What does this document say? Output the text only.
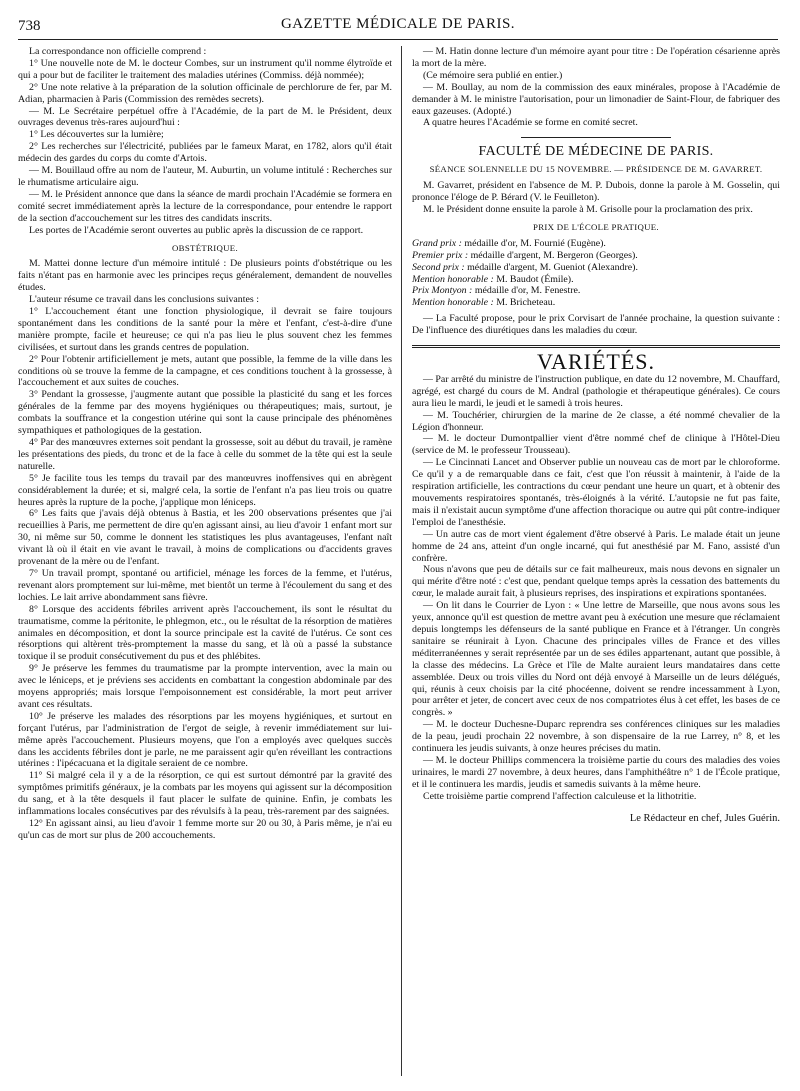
738	GAZETTE MÉDICALE DE PARIS.

La correspondance non officielle comprend :

1° Une nouvelle note de M. le docteur Combes, sur un instrument qu'il nomme élytroïde et qui a pour but de faciliter le traitement des maladies utérines (Commiss. déjà nommée);

2° Une note relative à la préparation de la solution officinale de perchlorure de fer, par M. Adian, pharmacien à Paris (Commission des remèdes secrets).

— M. Le Secrétaire perpétuel offre à l'Académie, de la part de M. le Président, deux ouvrages devenus très-rares aujourd'hui :

1° Les découvertes sur la lumière;

2° Les recherches sur l'électricité, publiées par le fameux Marat, en 1782, alors qu'il était médecin des gardes du corps du comte d'Artois.

— M. Bouillaud offre au nom de l'auteur, M. Auburtin, un volume intitulé : Recherches sur le rhumatisme articulaire aigu.

— M. le Président annonce que dans la séance de mardi prochain l'Académie se formera en comité secret immédiatement après la lecture de la correspondance, pour entendre le rapport de la section d'accouchement sur les titres des candidats inscrits.

Les portes de l'Académie seront ouvertes au public après la discussion de ce rapport.

OBSTÉTRIQUE.

M. Mattei donne lecture d'un mémoire intitulé : De plusieurs points d'obstétrique ou les faits n'étant pas en harmonie avec les principes reçus généralement, demandent de nouvelles études.

L'auteur résume ce travail dans les conclusions suivantes :

1° L'accouchement étant une fonction physiologique, il devrait se faire toujours spontanément dans les conditions de la santé pour la mère et l'enfant, c'est-à-dire d'une manière prompte, facile et heureuse; ce qui n'a pas lieu le plus souvent chez les femmes civilisées, et surtout dans les grands centres de population.

2° Pour l'obtenir artificiellement je mets, autant que possible, la femme de la ville dans les conditions où se trouve la femme de la campagne, et ces conditions touchent à la grossesse, à l'accouchement et aux suites de couches.

3° Pendant la grossesse, j'augmente autant que possible la plasticité du sang et les forces générales de la femme par des moyens hygiéniques ou thérapeutiques; mais, surtout, je combats la souffrance et la congestion utérine qui sont la cause principale des phénomènes sympathiques et pathologiques de la gestation.

4° Par des manœuvres externes soit pendant la grossesse, soit au début du travail, je ramène les présentations des pieds, du tronc et de la face à celle du sommet de la tête qui est la seule naturelle.

5° Je facilite tous les temps du travail par des manœuvres inoffensives qui en abrègent considérablement la durée; et si, malgré cela, la sortie de l'enfant n'a pas lieu trois ou quatre heures après la rupture de la poche, j'applique mon léniceps.

6° Les faits que j'avais déjà obtenus à Bastia, et les 200 observations présentes que j'ai recueillies à Paris, me permettent de dire qu'en agissant ainsi, au lieu d'avoir 1 enfant mort sur 30, ni même sur 50, comme le donnent les statistiques les plus avantageuses, l'enfant naît vivant là où il était en vie avant le travail, à moins de complications ou d'accidents graves provenant de la mère ou de l'enfant.

7° Un travail prompt, spontané ou artificiel, ménage les forces de la femme, et l'utérus, revenant alors promptement sur lui-même, met bientôt un terme à l'écoulement du sang et des lochies. Le lait arrive abondamment sans fièvre.

8° Lorsque des accidents fébriles arrivent après l'accouchement, ils sont le résultat du traumatisme, comme la péritonite, le phlegmon, etc., ou le résultat de la résorption de matières animales en décomposition, et dont la source principale est la cavité de l'utérus. Ce sont ces résorptions qui altèrent très-promptement la masse du sang, et là où a passé la substance toxique il se produit consécutivement du pus et des phlébites.

9° Je préserve les femmes du traumatisme par la prompte intervention, avec la main ou avec le léniceps, et je préviens ses accidents en combattant la congestion abdominale par des moyens appropriés; mais lorsque l'empoisonnement est considérable, la mort peut arriver avant ces résultats.

10° Je préserve les malades des résorptions par les moyens hygiéniques, et surtout en forçant l'utérus, par l'administration de l'ergot de seigle, à revenir immédiatement sur lui-même après l'accouchement. Plusieurs moyens, que l'on a employés avec quelques succès dans les accidents fébriles dont je parle, ne me paraissent agir qu'en réveillant les contractions utérines : l'ipécacuana et la digitale seraient de ce nombre.

11° Si malgré cela il y a de la résorption, ce qui est surtout démontré par la gravité des symptômes primitifs généraux, je la combats par les moyens qui agissent sur la décomposition du sang, et à la tête desquels il faut placer le sulfate de quinine. Enfin, je combats les inflammations locales consécutives par des révulsifs à la peau, très-rarement par des saignées.

12° En agissant ainsi, au lieu d'avoir 1 femme morte sur 20 ou 30, à Paris même, je n'ai eu qu'un cas de mort sur plus de 200 accouchements.

— M. Hatin donne lecture d'un mémoire ayant pour titre : De l'opération césarienne après la mort de la mère.

(Ce mémoire sera publié en entier.)

— M. Boullay, au nom de la commission des eaux minérales, propose à l'Académie de demander à M. le ministre l'autorisation, pour un limonadier de Saint-Flour, de fabriquer des eaux gazeuses. (Adopté.)

A quatre heures l'Académie se forme en comité secret.

FACULTÉ DE MÉDECINE DE PARIS.
SÉANCE SOLENNELLE DU 15 NOVEMBRE. — PRÉSIDENCE DE M. GAVARRET.

M. Gavarret, président en l'absence de M. P. Dubois, donne la parole à M. Gosselin, qui prononce l'éloge de P. Bérard (V. le Feuilleton).

M. le Président donne ensuite la parole à M. Grisolle pour la proclamation des prix.

PRIX DE L'ÉCOLE PRATIQUE.
Grand prix : médaille d'or, M. Fournié (Eugène).
Premier prix : médaille d'argent, M. Bergeron (Georges).
Second prix : médaille d'argent, M. Gueniot (Alexandre).
Mention honorable : M. Baudot (Émile).
Prix Montyon : médaille d'or, M. Fenestre.
Mention honorable : M. Bricheteau.

— La Faculté propose, pour le prix Corvisart de l'année prochaine, la question suivante : De l'influence des diurétiques dans les maladies du cœur.

VARIÉTÉS.

— Par arrêté du ministre de l'instruction publique, en date du 12 novembre, M. Chauffard, agrégé, est chargé du cours de M. Andral (pathologie et thérapeutique générales). Ce cours aura lieu le mardi, le jeudi et le samedi à trois heures.

— M. Touchérier, chirurgien de la marine de 2e classe, a été nommé chevalier de la Légion d'honneur.

— M. le docteur Dumontpallier vient d'être nommé chef de clinique à l'Hôtel-Dieu (service de M. le professeur Trousseau).

— Le Cincinnati Lancet and Observer publie un nouveau cas de mort par le chloroforme. Ce qu'il y a de remarquable dans ce fait, c'est que l'on réussit à maintenir, à l'aide de la respiration artificielle, les contractions du cœur pendant une heure un quart, et à obtenir des mouvements respiratoires spontanés, très-éloignés à la vérité. L'autopsie ne fut pas faite, mais il n'existait aucun symptôme d'une affection thoracique ou autre qui pût contre-indiquer l'emploi de l'anesthésie.

— Un autre cas de mort vient également d'être observé à Paris. Le malade était un jeune homme de 24 ans, atteint d'un ongle incarné, qui fut anesthésié par M. Fano, assisté d'un confrère.

Nous n'avons que peu de détails sur ce fait malheureux, mais nous devons en signaler un qui mérite d'être noté : c'est que, pendant quelque temps après la cessation des battements du cœur, le malade aurait fait, à plusieurs reprises, des inspirations et expirations spontanées.

— On lit dans le Courrier de Lyon : « Une lettre de Marseille, que nous avons sous les yeux, annonce qu'il est question de mettre avant peu à exécution une mesure que réclamaient depuis longtemps les défenseurs de la santé publique en France et à l'étranger. Un congrès sanitaire se réunirait à Lyon. Chacune des principales villes de France et des villes méditerranéennes y serait représentée par un de ses édiles appartenant, autant que possible, à la classe des médecins. La Grèce et l'île de Malte auraient leurs mandataires dans cette assemblée. Deux ou trois villes du Nord ont déjà envoyé à Marseille un de leurs délégués, qui, réunis à ceux choisis par la cité phocéenne, doivent se rendre incessamment à Lyon, pour arrêter et jeter, de concert avec ceux de nos compatriotes élus à cet effet, les bases de ce congrès. »

— M. le docteur Duchesne-Duparc reprendra ses conférences cliniques sur les maladies de la peau, jeudi prochain 22 novembre, à son dispensaire de la rue Larrey, n° 8, et les continuera les jeudis suivants, à onze heures précises du matin.

— M. le docteur Phillips commencera la troisième partie du cours des maladies des voies urinaires, le mardi 27 novembre, à deux heures, dans l'amphithéâtre n° 1 de l'École pratique, et il le continuera les mardis, jeudis et samedis suivants à la même heure.

Cette troisième partie comprend l'affection calculeuse et la lithotritie.

Le Rédacteur en chef, Jules Guérin.
